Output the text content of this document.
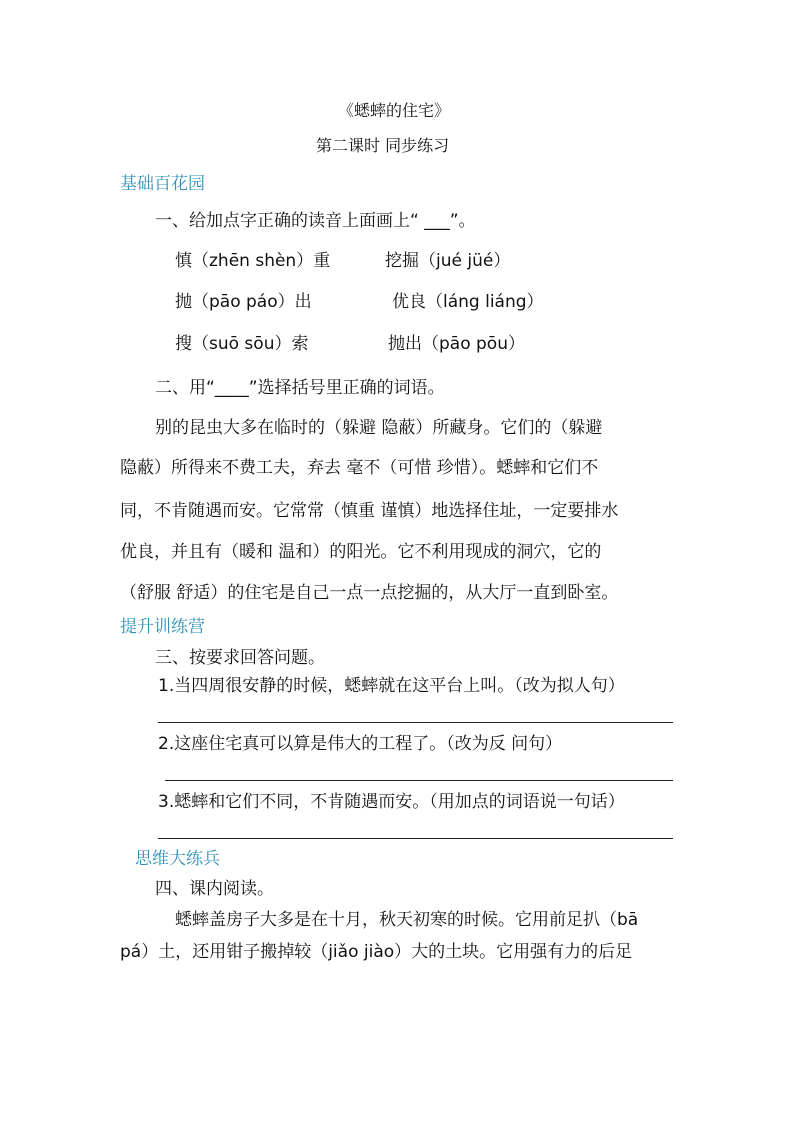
《蟋蟀的住宅》
第二课时 同步练习
基础百花园
一、给加点字正确的读音上面画上“ ___”。
慎（zhēn shèn）重	挖掘（jué jüé）
抛（pāo páo）出	优良（láng liáng）
搜（suō sōu）索	抛出（pāo pōu）
二、用“____”选择括号里正确的词语。
别的昆虫大多在临时的（躲避 隐蔽）所藏身。它们的（躲避
隐蔽）所得来不费工夫，弃去 毫不（可惜 珍惜）。蟋蟀和它们不
同，不肯随遇而安。它常常（慎重 谨慎）地选择住址，一定要排水
优良，并且有（暖和 温和）的阳光。它不利用现成的洞穴，它的
（舒服 舒适）的住宅是自己一点一点挖掘的，从大厅一直到卧室。
提升训练营
三、按要求回答问题。
1.当四周很安静的时候，蟋蟀就在这平台上叫。（改为拟人句）
2.这座住宅真可以算是伟大的工程了。（改为反 问句）
3.蟋蟀和它们不同，不肯随遇而安。（用加点的词语说一句话）
思维大练兵
四、课内阅读。
蟋蟀盖房子大多是在十月，秋天初寒的时候。它用前足扒（bā
pá）土，还用钳子搬掉较（jiǎo jiào）大的土块。它用强有力的后足
